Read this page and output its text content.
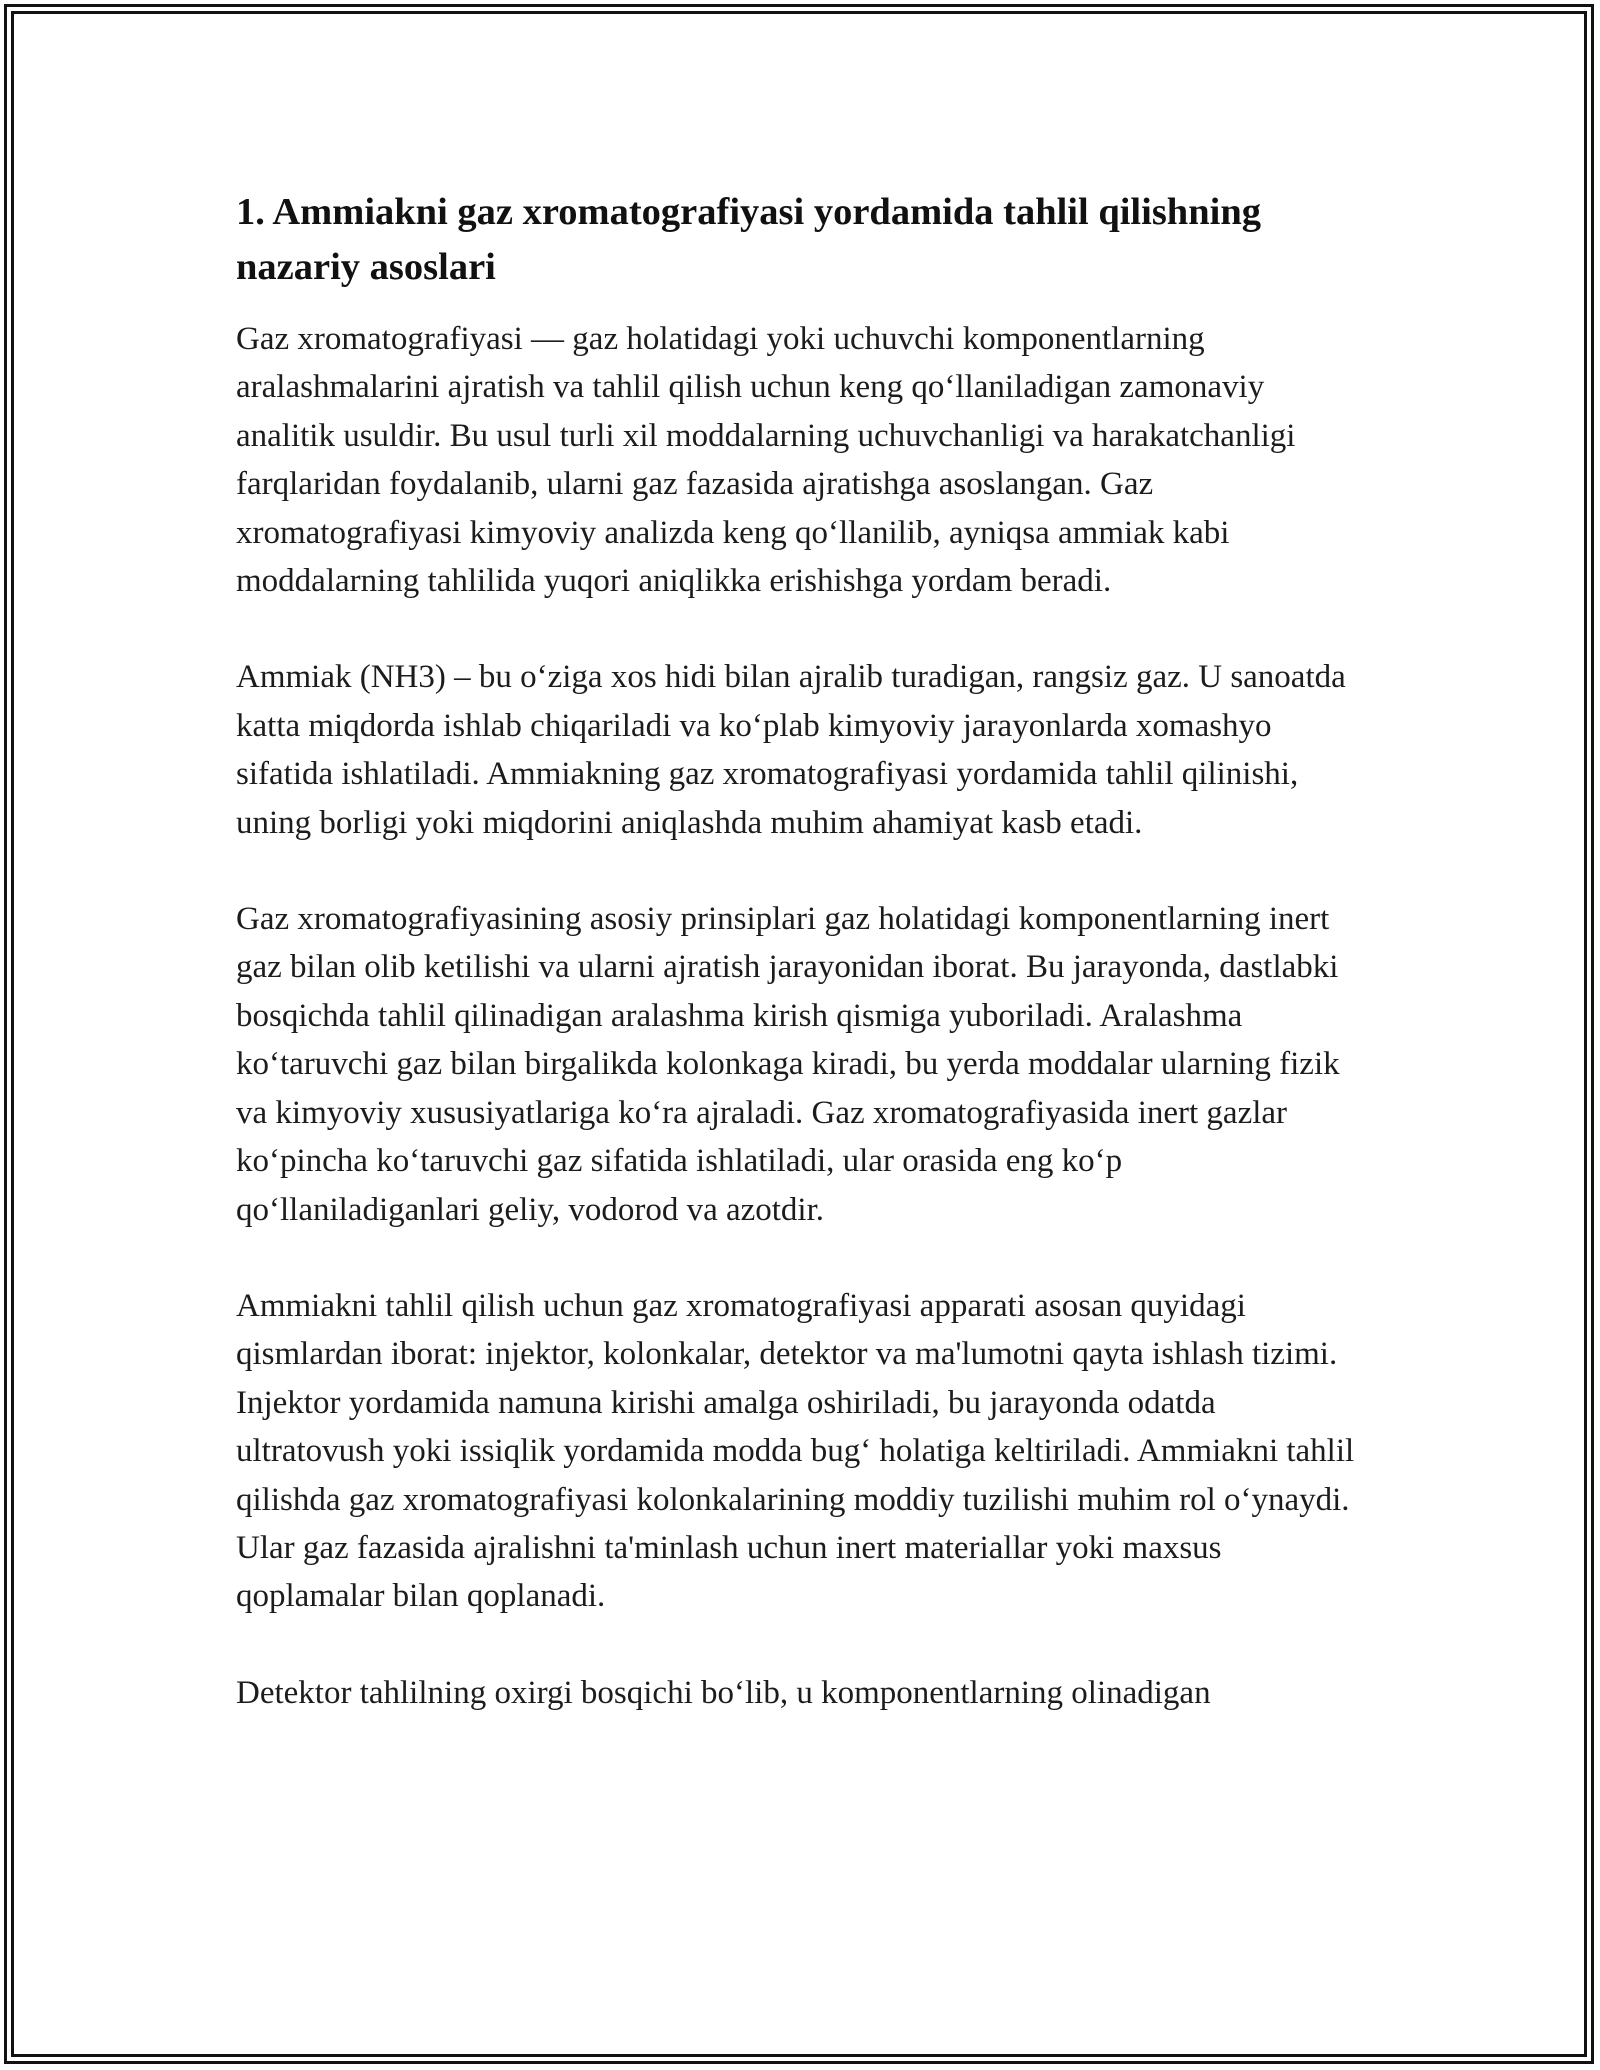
1. Ammiakni gaz xromatografiyasi yordamida tahlil qilishning nazariy asoslari

Gaz xromatografiyasi — gaz holatidagi yoki uchuvchi komponentlarning aralashmalarini ajratish va tahlil qilish uchun keng qo‘llaniladigan zamonaviy analitik usuldir. Bu usul turli xil moddalarning uchuvchanligi va harakatchanligi farqlaridan foydalanib, ularni gaz fazasida ajratishga asoslangan. Gaz xromatografiyasi kimyoviy analizda keng qo‘llanilib, ayniqsa ammiak kabi moddalarning tahlilida yuqori aniqlikka erishishga yordam beradi.

Ammiak (NH3) – bu o‘ziga xos hidi bilan ajralib turadigan, rangsiz gaz. U sanoatda katta miqdorda ishlab chiqariladi va ko‘plab kimyoviy jarayonlarda xomashyo sifatida ishlatiladi. Ammiakning gaz xromatografiyasi yordamida tahlil qilinishi, uning borligi yoki miqdorini aniqlashda muhim ahamiyat kasb etadi.

Gaz xromatografiyasining asosiy prinsiplari gaz holatidagi komponentlarning inert gaz bilan olib ketilishi va ularni ajratish jarayonidan iborat. Bu jarayonda, dastlabki bosqichda tahlil qilinadigan aralashma kirish qismiga yuboriladi. Aralashma ko‘taruvchi gaz bilan birgalikda kolonkaga kiradi, bu yerda moddalar ularning fizik va kimyoviy xususiyatlariga ko‘ra ajraladi. Gaz xromatografiyasida inert gazlar ko‘pincha ko‘taruvchi gaz sifatida ishlatiladi, ular orasida eng ko‘p qo‘llaniladiganlari geliy, vodorod va azotdir.

Ammiakni tahlil qilish uchun gaz xromatografiyasi apparati asosan quyidagi qismlardan iborat: injektor, kolonkalar, detektor va ma'lumotni qayta ishlash tizimi. Injektor yordamida namuna kirishi amalga oshiriladi, bu jarayonda odatda ultratovush yoki issiqlik yordamida modda bug‘ holatiga keltiriladi. Ammiakni tahlil qilishda gaz xromatografiyasi kolonkalarining moddiy tuzilishi muhim rol o‘ynaydi. Ular gaz fazasida ajralishni ta'minlash uchun inert materiallar yoki maxsus qoplamalar bilan qoplanadi.

Detektor tahlilning oxirgi bosqichi bo‘lib, u komponentlarning olinadigan
